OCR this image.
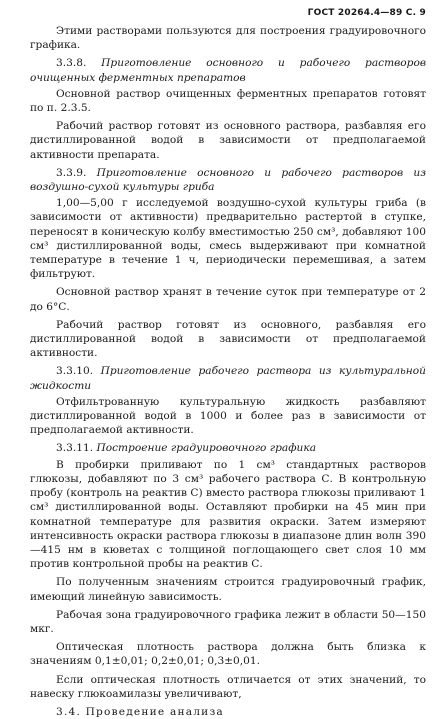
ГОСТ 20264.4—89 С. 9

Этими растворами пользуются для построения градуировочного графика.

3.3.8. Приготовление основного и рабочего растворов очищенных ферментных препаратов

Основной раствор очищенных ферментных препаратов готовят по п. 2.3.5.

Рабочий раствор готовят из основного раствора, разбавляя его дистиллированной водой в зависимости от предполагаемой активности препарата.

3.3.9. Приготовление основного и рабочего растворов из воздушно-сухой культуры гриба

1,00—5,00 г исследуемой воздушно-сухой культуры гриба (в зависимости от активности) предварительно растертой в ступке, переносят в коническую колбу вместимостью 250 см³, добавляют 100 см³ дистиллированной воды, смесь выдерживают при комнатной температуре в течение 1 ч, периодически перемешивая, а затем фильтруют.

Основной раствор хранят в течение суток при температуре от 2 до 6°С.

Рабочий раствор готовят из основного, разбавляя его дистиллированной водой в зависимости от предполагаемой активности.

3.3.10. Приготовление рабочего раствора из культуральной жидкости

Отфильтрованную культуральную жидкость разбавляют дистиллированной водой в 1000 и более раз в зависимости от предполагаемой активности.

3.3.11. Построение градуировочного графика

В пробирки приливают по 1 см³ стандартных растворов глюкозы, добавляют по 3 см³ рабочего раствора С. В контрольную пробу (контроль на реактив С) вместо раствора глюкозы приливают 1 см³ дистиллированной воды. Оставляют пробирки на 45 мин при комнатной температуре для развития окраски. Затем измеряют интенсивность окраски раствора глюкозы в диапазоне длин волн 390—415 нм в кюветах с толщиной поглощающего свет слоя 10 мм против контрольной пробы на реактив С.

По полученным значениям строится градуировочный график, имеющий линейную зависимость.

Рабочая зона градуировочного графика лежит в области 50—150 мкг.

Оптическая плотность раствора должна быть близка к значениям 0,1±0,01; 0,2±0,01; 0,3±0,01.

Если оптическая плотность отличается от этих значений, то навеску глюкоамилазы увеличивают,

3.4. Проведение анализа
